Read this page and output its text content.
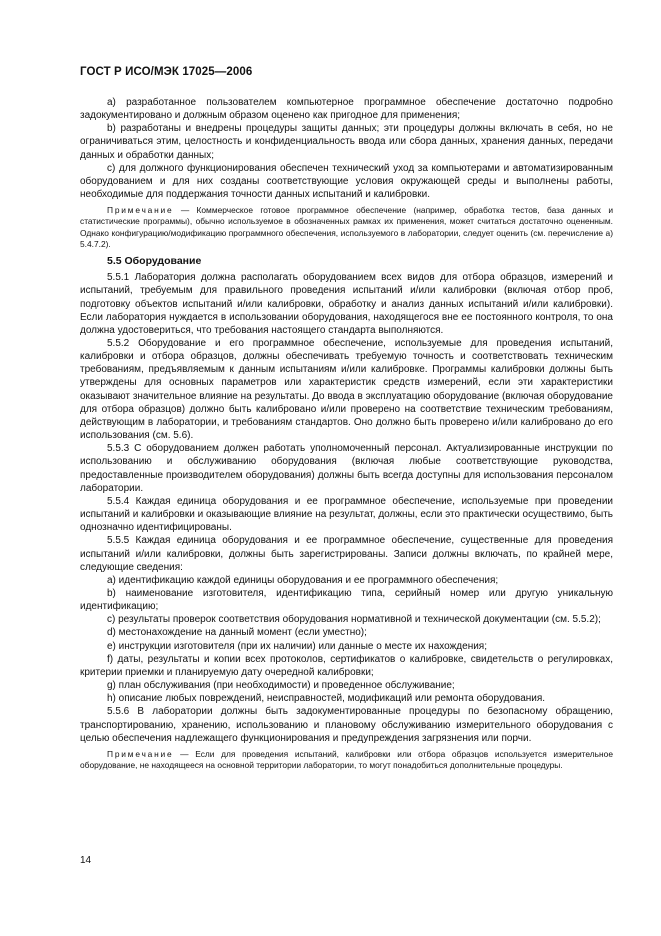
ГОСТ Р ИСО/МЭК 17025—2006

а) разработанное пользователем компьютерное программное обеспечение достаточно подробно задокументировано и должным образом оценено как пригодное для применения;

b) разработаны и внедрены процедуры защиты данных; эти процедуры должны включать в себя, но не ограничиваться этим, целостность и конфиденциальность ввода или сбора данных, хранения данных, передачи данных и обработки данных;

c) для должного функционирования обеспечен технический уход за компьютерами и автоматизированным оборудованием и для них созданы соответствующие условия окружающей среды и выполнены работы, необходимые для поддержания точности данных испытаний и калибровки.

Примечание — Коммерческое готовое программное обеспечение (например, обработка тестов, база данных и статистические программы), обычно используемое в обозначенных рамках их применения, может считаться достаточно оцененным. Однако конфигурацию/модификацию программного обеспечения, используемого в лаборатории, следует оценить (см. перечисление а) 5.4.7.2).

5.5 Оборудование

5.5.1 Лаборатория должна располагать оборудованием всех видов для отбора образцов, измерений и испытаний, требуемым для правильного проведения испытаний и/или калибровки (включая отбор проб, подготовку объектов испытаний и/или калибровки, обработку и анализ данных испытаний и/или калибровки). Если лаборатория нуждается в использовании оборудования, находящегося вне ее постоянного контроля, то она должна удостовериться, что требования настоящего стандарта выполняются.

5.5.2 Оборудование и его программное обеспечение, используемые для проведения испытаний, калибровки и отбора образцов, должны обеспечивать требуемую точность и соответствовать техническим требованиям, предъявляемым к данным испытаниям и/или калибровке. Программы калибровки должны быть утверждены для основных параметров или характеристик средств измерений, если эти характеристики оказывают значительное влияние на результаты. До ввода в эксплуатацию оборудование (включая оборудование для отбора образцов) должно быть калибровано и/или проверено на соответствие техническим требованиям, действующим в лаборатории, и требованиям стандартов. Оно должно быть проверено и/или калибровано до его использования (см. 5.6).

5.5.3 С оборудованием должен работать уполномоченный персонал. Актуализированные инструкции по использованию и обслуживанию оборудования (включая любые соответствующие руководства, предоставленные производителем оборудования) должны быть всегда доступны для использования персоналом лаборатории.

5.5.4 Каждая единица оборудования и ее программное обеспечение, используемые при проведении испытаний и калибровки и оказывающие влияние на результат, должны, если это практически осуществимо, быть однозначно идентифицированы.

5.5.5 Каждая единица оборудования и ее программное обеспечение, существенные для проведения испытаний и/или калибровки, должны быть зарегистрированы. Записи должны включать, по крайней мере, следующие сведения:

а) идентификацию каждой единицы оборудования и ее программного обеспечения;

b) наименование изготовителя, идентификацию типа, серийный номер или другую уникальную идентификацию;

c) результаты проверок соответствия оборудования нормативной и технической документации (см. 5.5.2);

d) местонахождение на данный момент (если уместно);

e) инструкции изготовителя (при их наличии) или данные о месте их нахождения;

f) даты, результаты и копии всех протоколов, сертификатов о калибровке, свидетельств о регулировках, критерии приемки и планируемую дату очередной калибровки;

g) план обслуживания (при необходимости) и проведенное обслуживание;

h) описание любых повреждений, неисправностей, модификаций или ремонта оборудования.

5.5.6 В лаборатории должны быть задокументированные процедуры по безопасному обращению, транспортированию, хранению, использованию и плановому обслуживанию измерительного оборудования с целью обеспечения надлежащего функционирования и предупреждения загрязнения или порчи.

Примечание — Если для проведения испытаний, калибровки или отбора образцов используется измерительное оборудование, не находящееся на основной территории лаборатории, то могут понадобиться дополнительные процедуры.

14
